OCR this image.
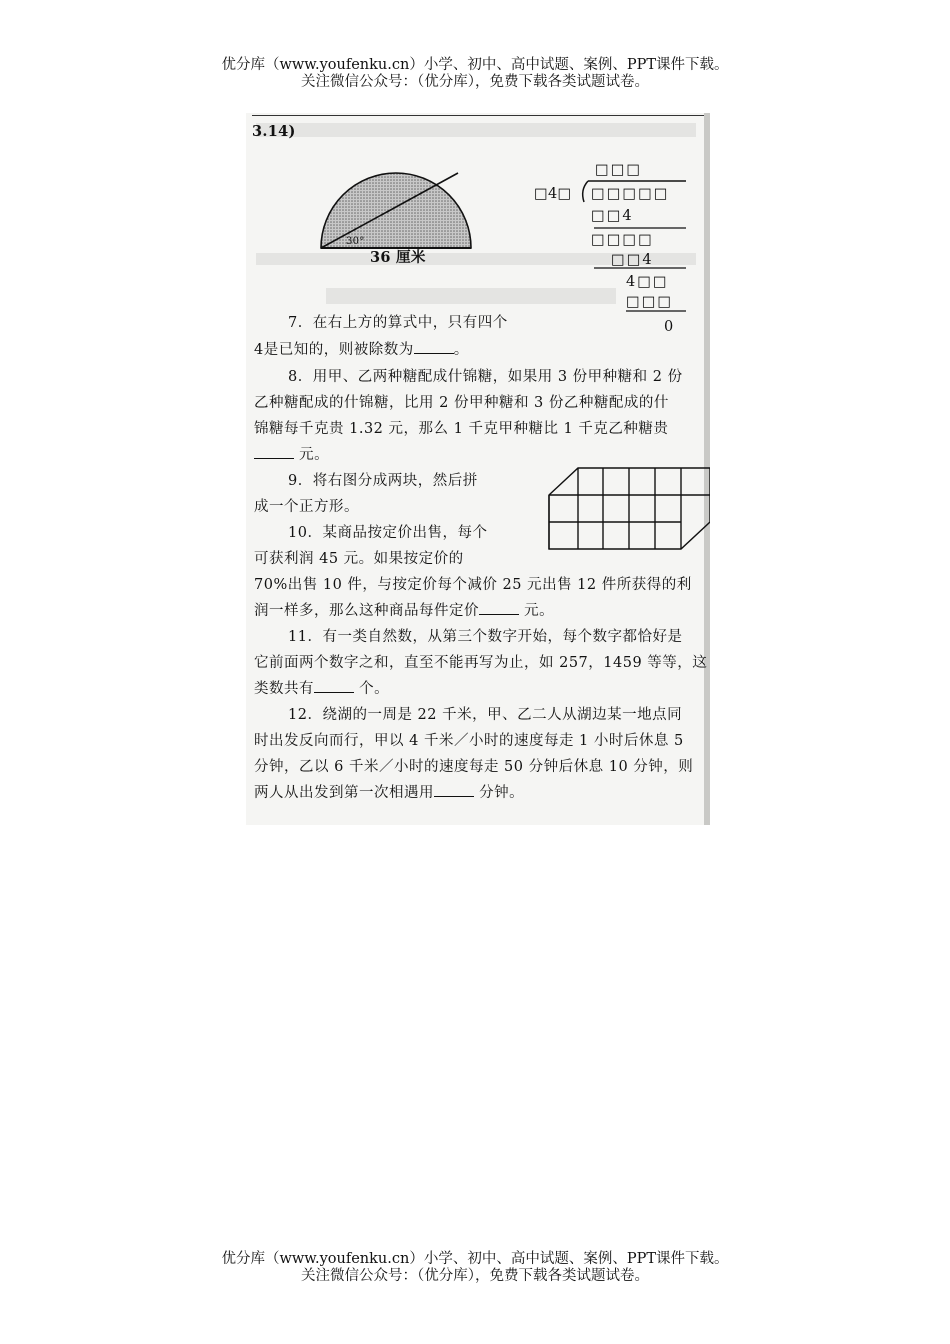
优分库（www.youfenku.cn）小学、初中、高中试题、案例、PPT课件下载。
关注微信公众号：（优分库），免费下载各类试题试卷。
3.14)
30°
36 厘米
□□□
□4□ □□□□□
□□4
□□□□
□□4
4□□
□□□
0
7．在右上方的算式中，只有四个
4是已知的，则被除数为	。
8．用甲、乙两种糖配成什锦糖，如果用 3 份甲种糖和 2 份
乙种糖配成的什锦糖，比用 2 份甲种糖和 3 份乙种糖配成的什
锦糖每千克贵 1.32 元，那么 1 千克甲种糖比 1 千克乙种糖贵
元。
9．将右图分成两块，然后拼
成一个正方形。
10．某商品按定价出售，每个
可获利润 45 元。如果按定价的
70%出售 10 件，与按定价每个减价 25 元出售 12 件所获得的利
润一样多，那么这种商品每件定价	元。
11．有一类自然数，从第三个数字开始，每个数字都恰好是
它前面两个数字之和，直至不能再写为止，如 257，1459 等等，这
类数共有	个。
12．绕湖的一周是 22 千米，甲、乙二人从湖边某一地点同
时出发反向而行，甲以 4 千米／小时的速度每走 1 小时后休息 5
分钟，乙以 6 千米／小时的速度每走 50 分钟后休息 10 分钟，则
两人从出发到第一次相遇用	分钟。
优分库（www.youfenku.cn）小学、初中、高中试题、案例、PPT课件下载。
关注微信公众号：（优分库），免费下载各类试题试卷。
